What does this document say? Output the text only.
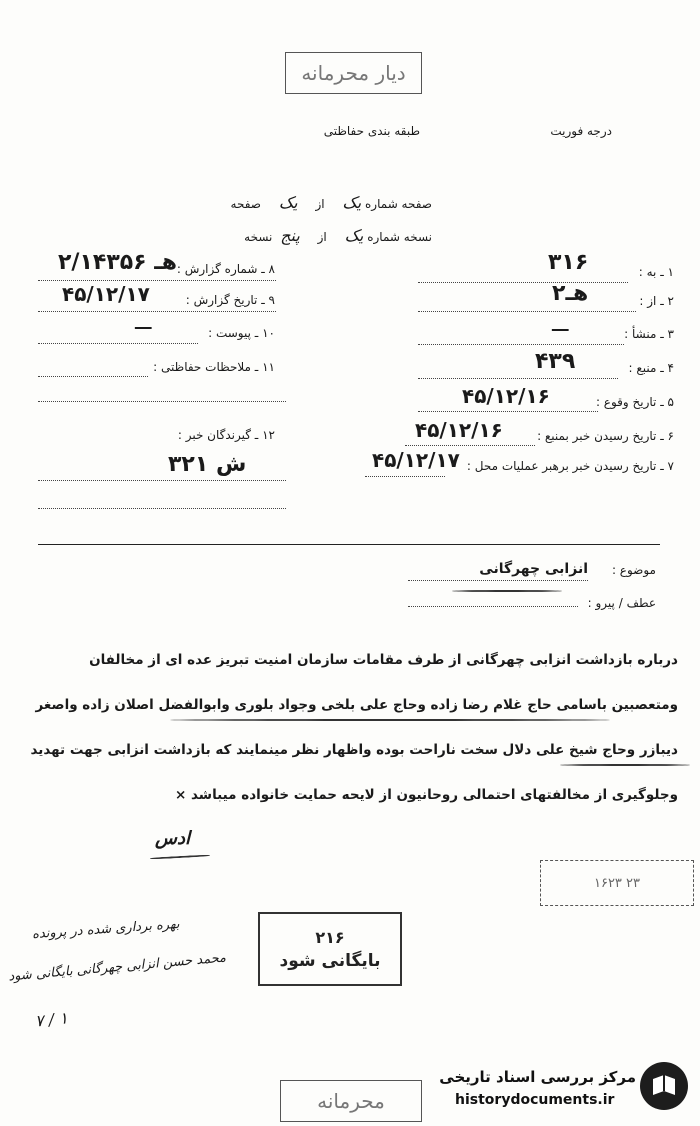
دیار محرمانه
درجه فوریت
طبقه بندی حفاظتی
صفحه شماره یک از یک صفحه
نسخه شماره یک از پنج نسخه
۱ ـ به :
۳۱۶
۲ ـ از :
۲هـ
۳ ـ منشأ :
ـــ
۴ ـ منبع :
۴۳۹
۵ ـ تاریخ وقوع :
۴۵/۱۲/۱۶
۶ ـ تاریخ رسیدن خبر بمنبع :
۴۵/۱۲/۱۶
۷ ـ تاریخ رسیدن خبر برهبر عملیات محل :
۴۵/۱۲/۱۷
۸ ـ شماره گزارش :
۲/۱۴۳۵۶ هـ
۹ ـ تاریخ گزارش :
۴۵/۱۲/۱۷
۱۰ ـ پیوست :
ـــ
۱۱ ـ ملاحظات حفاظتی :
۱۲ ـ گیرندگان خبر :
۳۲۱ ش
موضوع :
انزابی چهرگانی
عطف / پیرو :
درباره بازداشت انزابی چهرگانی از طرف مقامات سازمان امنیت تبریز عده ای از مخالفان
ومتعصبین باسامی حاج غلام رضا زاده وحاج علی بلخی وجواد بلوری وابوالفضل اصلان زاده واصغر
دیبازر وحاج شیخ علی دلال سخت ناراحت بوده واظهار نظر مینمایند که بازداشت انزابی جهت تهدید
وجلوگیری از مخالفتهای احتمالی روحانیون از لایحه حمایت خانواده میباشد ×
ادس
۱۶۲۳ ۲۳
۲۱۶
بایگانی شود
بهره برداری شده در پرونده
محمد حسن انزابی چهرگانی بایگانی شود
۷ / ۱
محرمانه
مرکز بررسی اسناد تاریخی
historydocuments.ir
